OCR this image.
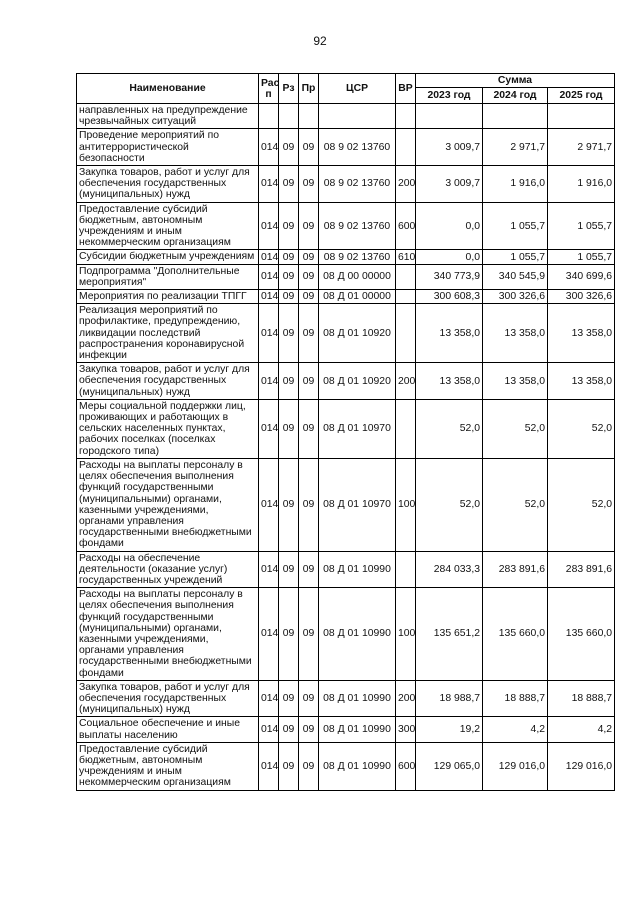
92
Наименование	Рас п	Рз	Пр	ЦСР	ВР	Сумма		
						2023 год	2024 год	2025 год
направленных на предупреждение чрезвычайных ситуаций								
Проведение мероприятий по антитеррористической безопасности	014	09	09	08 9 02 13760		3 009,7	2 971,7	2 971,7
Закупка товаров, работ и услуг для обеспечения государственных (муниципальных) нужд	014	09	09	08 9 02 13760	200	3 009,7	1 916,0	1 916,0
Предоставление субсидий бюджетным, автономным учреждениям и иным некоммерческим организациям	014	09	09	08 9 02 13760	600	0,0	1 055,7	1 055,7
Субсидии бюджетным учреждениям	014	09	09	08 9 02 13760	610	0,0	1 055,7	1 055,7
Подпрограмма "Дополнительные мероприятия"	014	09	09	08 Д 00 00000		340 773,9	340 545,9	340 699,6
Мероприятия по реализации ТПГГ	014	09	09	08 Д 01 00000		300 608,3	300 326,6	300 326,6
Реализация мероприятий по профилактике, предупреждению, ликвидации последствий распространения коронавирусной инфекции	014	09	09	08 Д 01 10920		13 358,0	13 358,0	13 358,0
Закупка товаров, работ и услуг для обеспечения государственных (муниципальных) нужд	014	09	09	08 Д 01 10920	200	13 358,0	13 358,0	13 358,0
Меры социальной поддержки лиц, проживающих и работающих в сельских населенных пунктах, рабочих поселках (поселках городского типа)	014	09	09	08 Д 01 10970		52,0	52,0	52,0
Расходы на выплаты персоналу в целях обеспечения выполнения функций государственными (муниципальными) органами, казенными учреждениями, органами управления государственными внебюджетными фондами	014	09	09	08 Д 01 10970	100	52,0	52,0	52,0
Расходы на обеспечение деятельности (оказание услуг) государственных учреждений	014	09	09	08 Д 01 10990		284 033,3	283 891,6	283 891,6
Расходы на выплаты персоналу в целях обеспечения выполнения функций государственными (муниципальными) органами, казенными учреждениями, органами управления государственными внебюджетными фондами	014	09	09	08 Д 01 10990	100	135 651,2	135 660,0	135 660,0
Закупка товаров, работ и услуг для обеспечения государственных (муниципальных) нужд	014	09	09	08 Д 01 10990	200	18 988,7	18 888,7	18 888,7
Социальное обеспечение и иные выплаты населению	014	09	09	08 Д 01 10990	300	19,2	4,2	4,2
Предоставление субсидий бюджетным, автономным учреждениям и иным некоммерческим организациям	014	09	09	08 Д 01 10990	600	129 065,0	129 016,0	129 016,0
